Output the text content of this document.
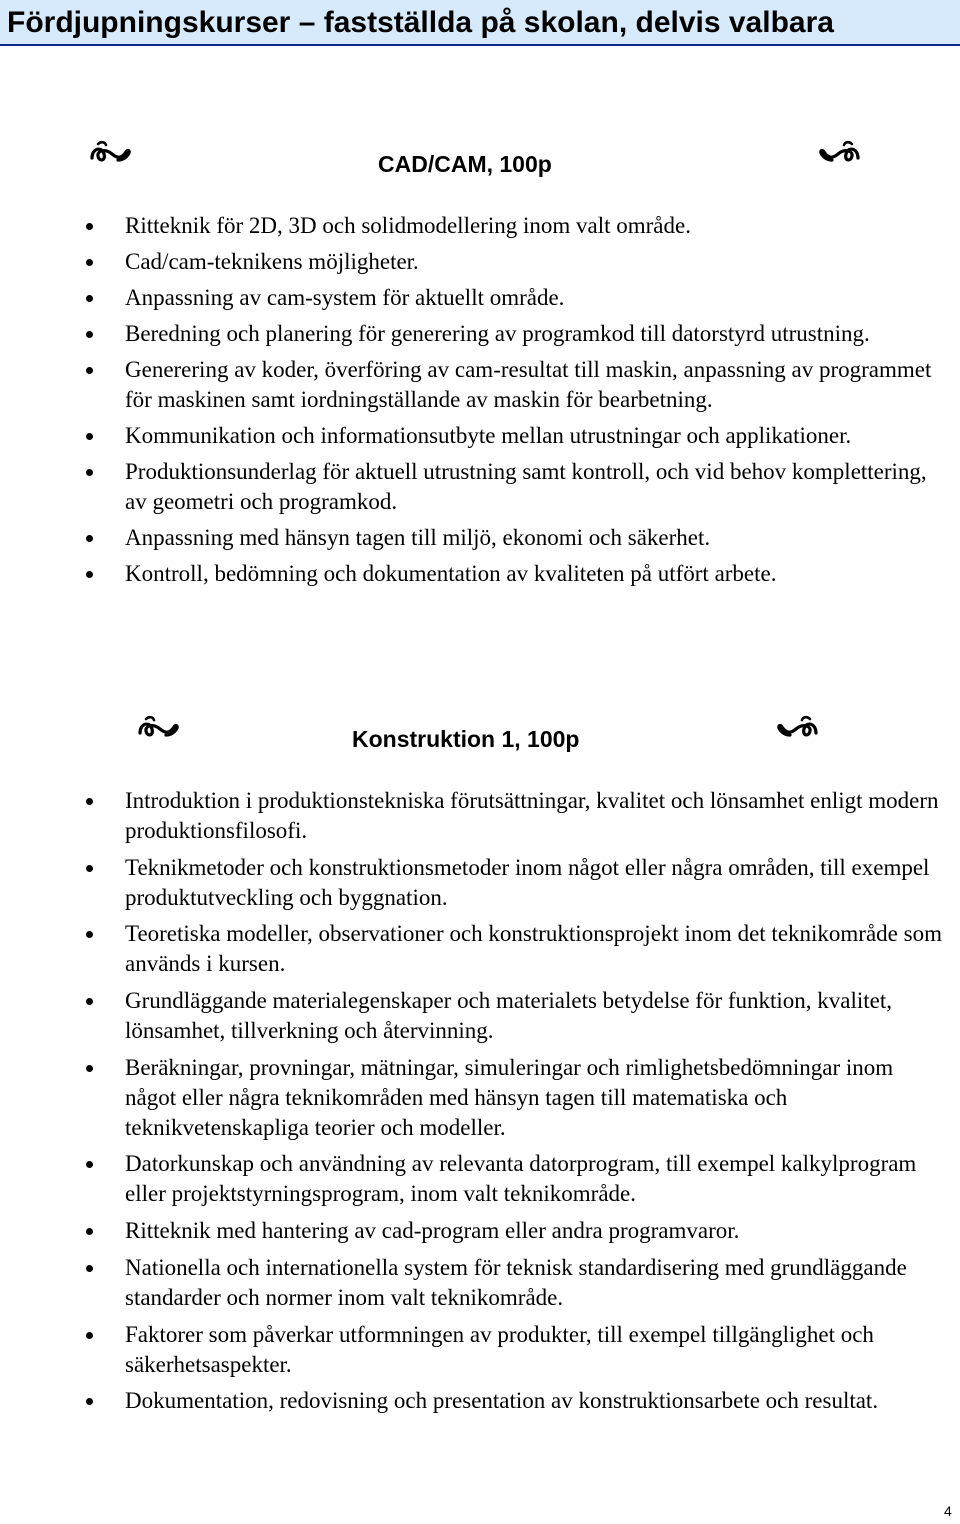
Fördjupningskurser – fastställda på skolan, delvis valbara
CAD/CAM, 100p
Ritteknik för 2D, 3D och solidmodellering inom valt område.
Cad/cam-teknikens möjligheter.
Anpassning av cam-system för aktuellt område.
Beredning och planering för generering av programkod till datorstyrd utrustning.
Generering av koder, överföring av cam-resultat till maskin, anpassning av programmet för maskinen samt iordningställande av maskin för bearbetning.
Kommunikation och informationsutbyte mellan utrustningar och applikationer.
Produktionsunderlag för aktuell utrustning samt kontroll, och vid behov komplettering, av geometri och programkod.
Anpassning med hänsyn tagen till miljö, ekonomi och säkerhet.
Kontroll, bedömning och dokumentation av kvaliteten på utfört arbete.
Konstruktion 1, 100p
Introduktion i produktionstekniska förutsättningar, kvalitet och lönsamhet enligt modern produktionsfilosofi.
Teknikmetoder och konstruktionsmetoder inom något eller några områden, till exempel produktutveckling och byggnation.
Teoretiska modeller, observationer och konstruktionsprojekt inom det teknikområde som används i kursen.
Grundläggande materialegenskaper och materialets betydelse för funktion, kvalitet, lönsamhet, tillverkning och återvinning.
Beräkningar, provningar, mätningar, simuleringar och rimlighetsbedömningar inom något eller några teknikområden med hänsyn tagen till matematiska och teknikvetenskapliga teorier och modeller.
Datorkunskap och användning av relevanta datorprogram, till exempel kalkylprogram eller projektstyrningsprogram, inom valt teknikområde.
Ritteknik med hantering av cad-program eller andra programvaror.
Nationella och internationella system för teknisk standardisering med grundläggande standarder och normer inom valt teknikområde.
Faktorer som påverkar utformningen av produkter, till exempel tillgänglighet och säkerhetsaspekter.
Dokumentation, redovisning och presentation av konstruktionsarbete och resultat.
4
